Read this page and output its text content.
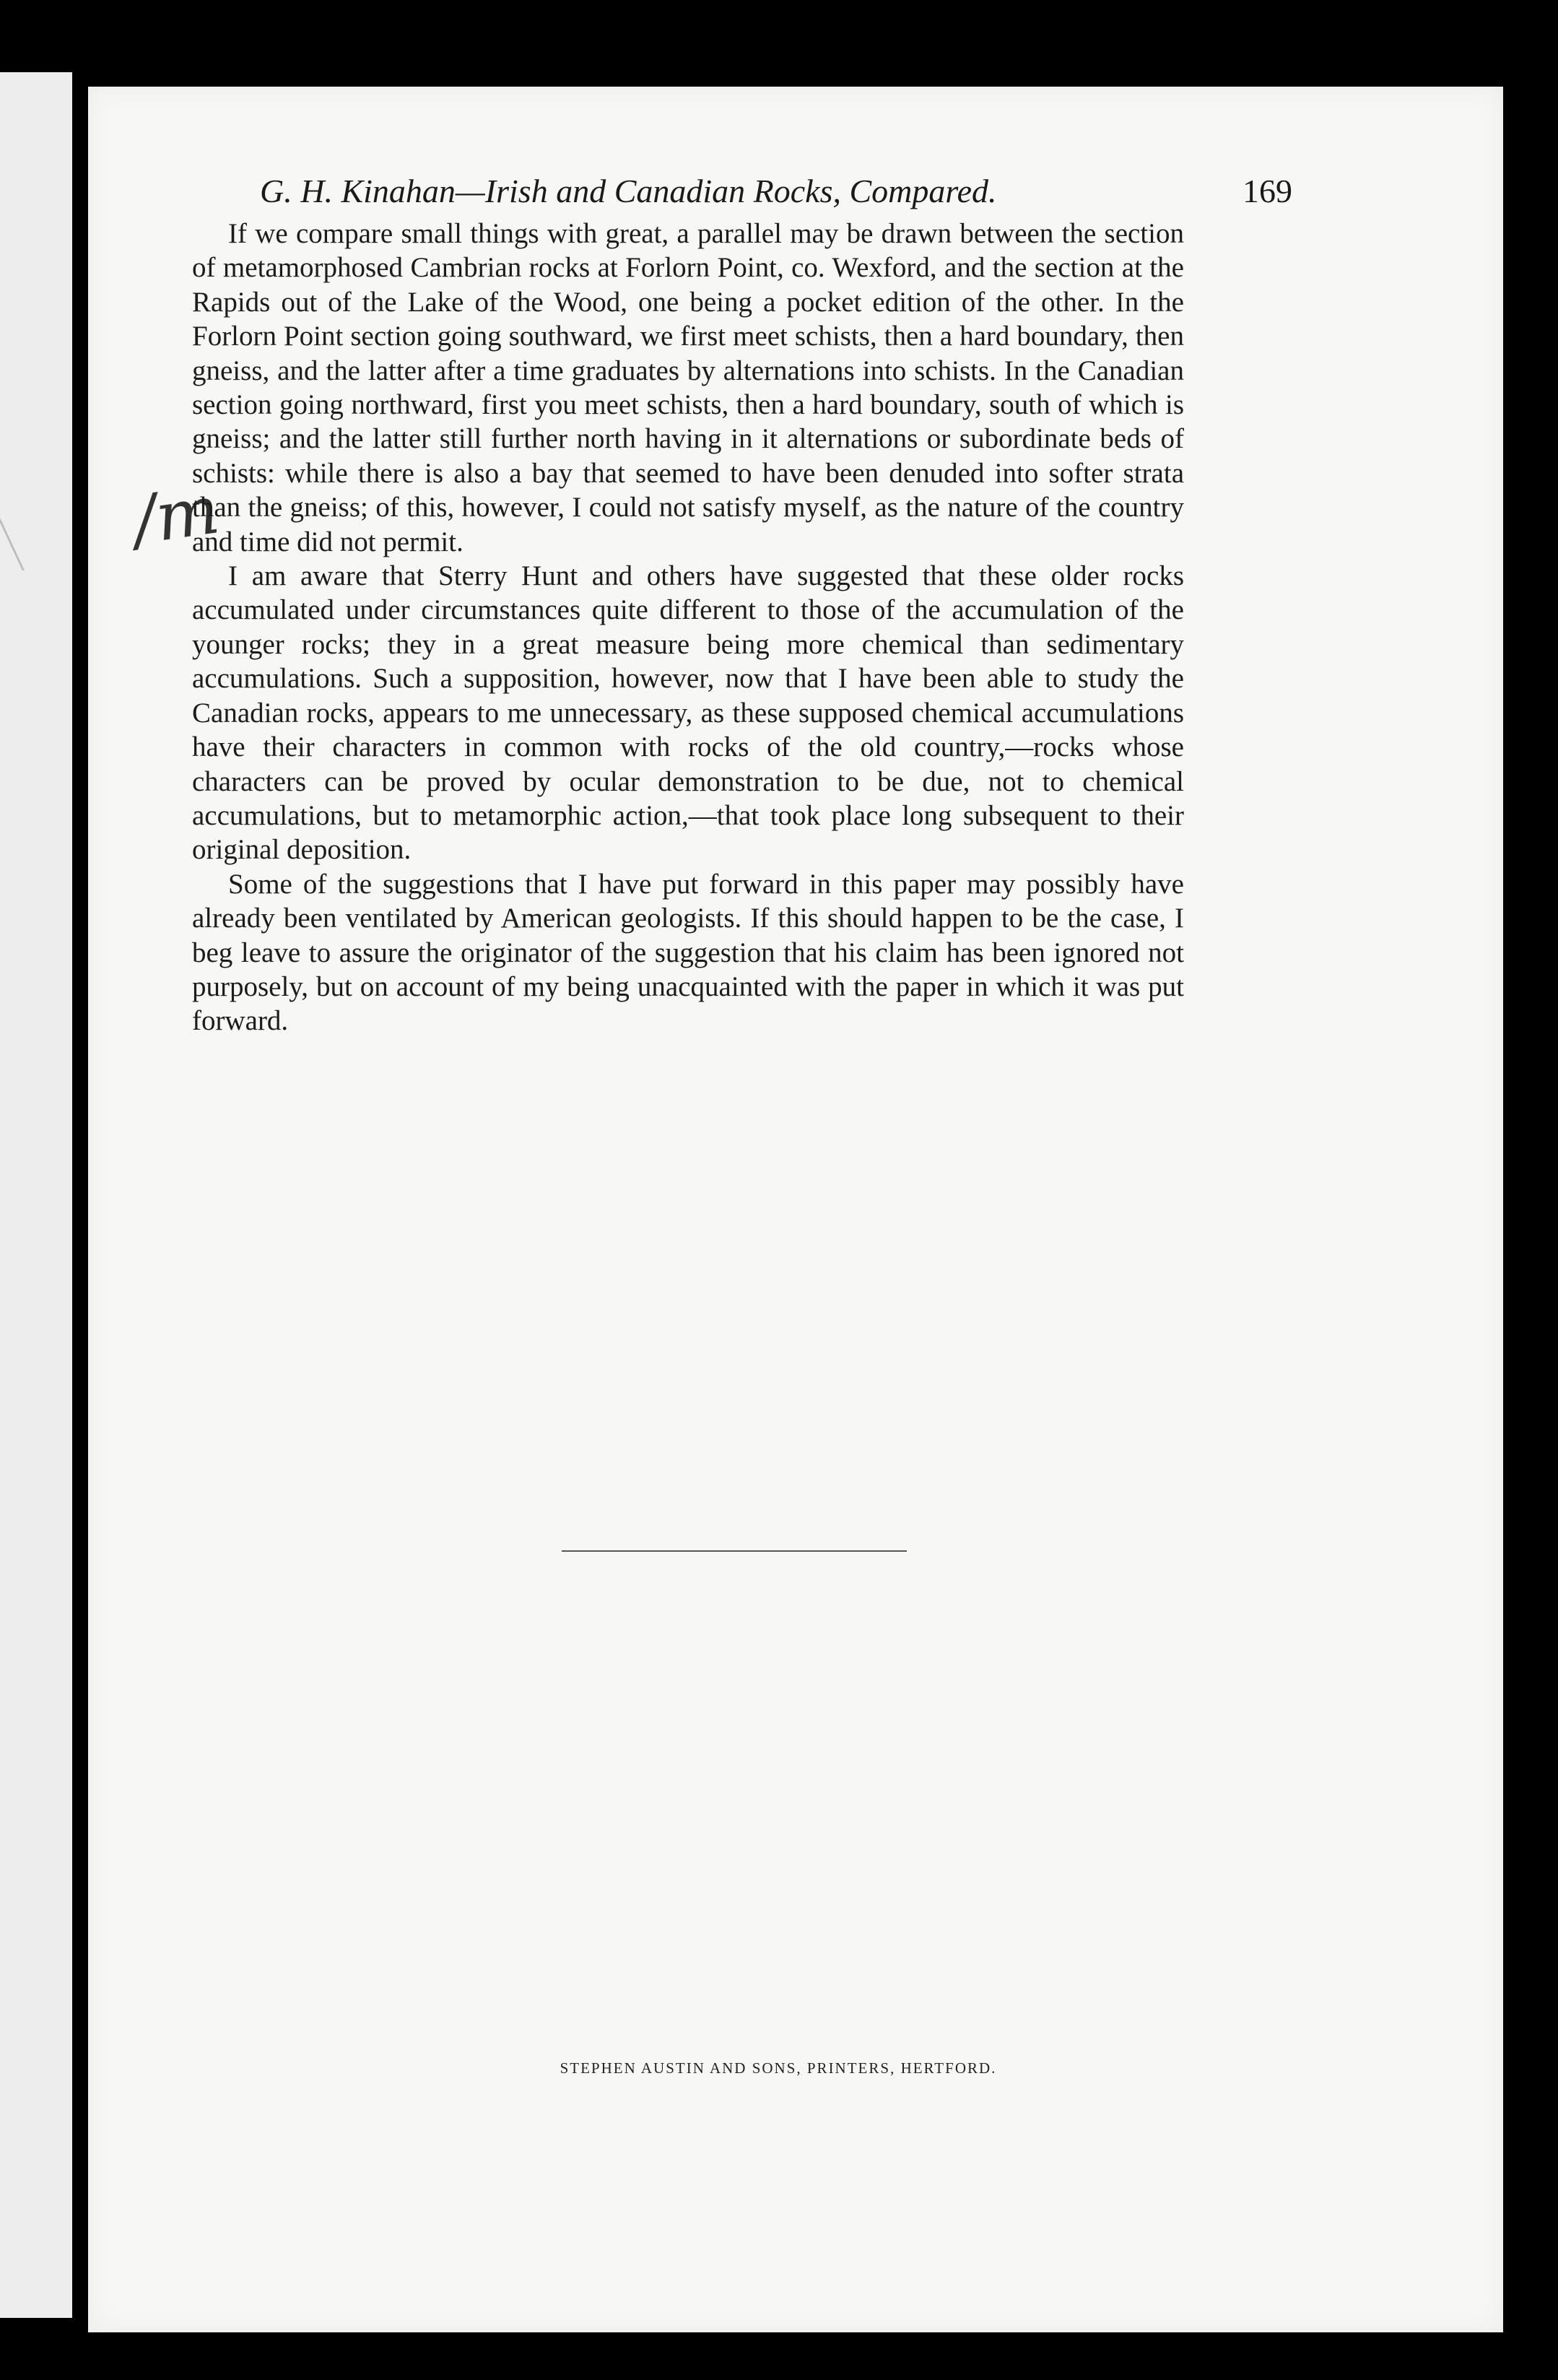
G. H. Kinahan—Irish and Canadian Rocks, Compared.	169
/m

If we compare small things with great, a parallel may be drawn between the section of metamorphosed Cambrian rocks at Forlorn Point, co. Wexford, and the section at the Rapids out of the Lake of the Wood, one being a pocket edition of the other. In the Forlorn Point section going southward, we first meet schists, then a hard boundary, then gneiss, and the latter after a time graduates by alternations into schists. In the Canadian section going northward, first you meet schists, then a hard boundary, south of which is gneiss; and the latter still further north having in it alternations or subordinate beds of schists: while there is also a bay that seemed to have been denuded into softer strata than the gneiss; of this, however, I could not satisfy myself, as the nature of the country and time did not permit.

I am aware that Sterry Hunt and others have suggested that these older rocks accumulated under circumstances quite different to those of the accumulation of the younger rocks; they in a great measure being more chemical than sedimentary accumulations. Such a supposition, however, now that I have been able to study the Canadian rocks, appears to me unnecessary, as these supposed chemical accumulations have their characters in common with rocks of the old country,—rocks whose characters can be proved by ocular demonstration to be due, not to chemical accumulations, but to metamorphic action,—that took place long subsequent to their original deposition.

Some of the suggestions that I have put forward in this paper may possibly have already been ventilated by American geologists. If this should happen to be the case, I beg leave to assure the originator of the suggestion that his claim has been ignored not purposely, but on account of my being unacquainted with the paper in which it was put forward.

STEPHEN AUSTIN AND SONS, PRINTERS, HERTFORD.
